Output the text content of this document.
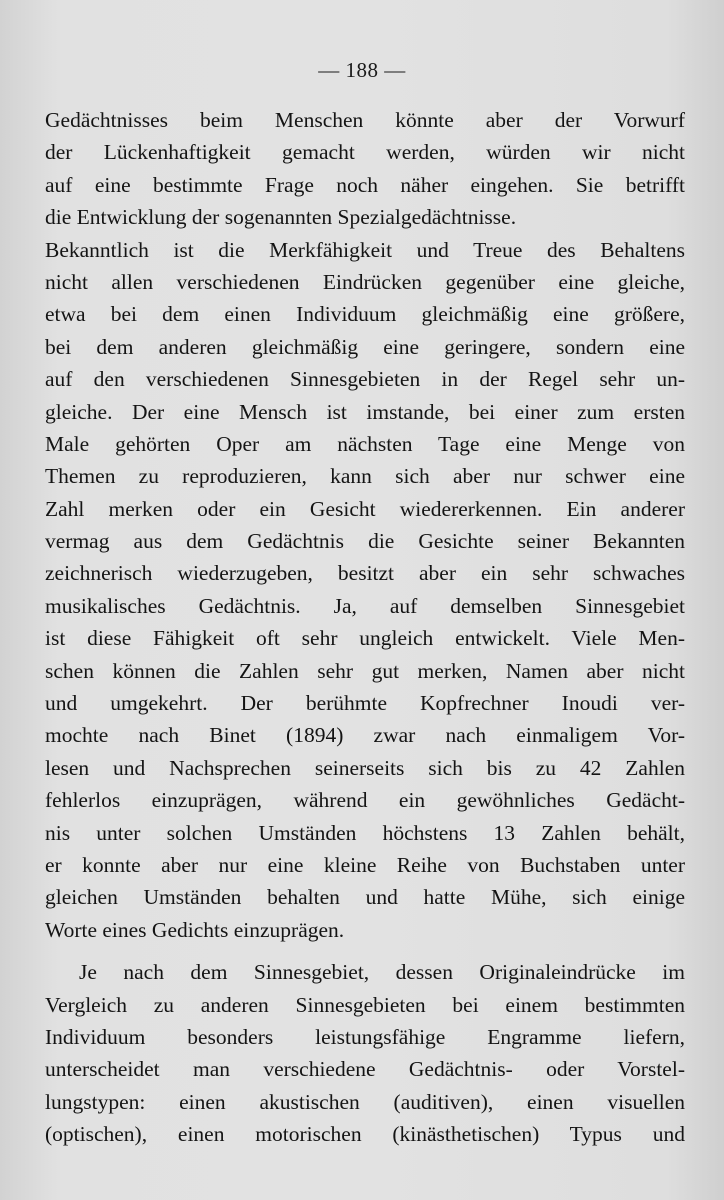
— 188 —
Gedächtnisses beim Menschen könnte aber der Vorwurf
der Lückenhaftigkeit gemacht werden, würden wir nicht
auf eine bestimmte Frage noch näher eingehen. Sie betrifft
die Entwicklung der sogenannten Spezialgedächtnisse.
Bekanntlich ist die Merkfähigkeit und Treue des Behaltens
nicht allen verschiedenen Eindrücken gegenüber eine gleiche,
etwa bei dem einen Individuum gleichmäßig eine größere,
bei dem anderen gleichmäßig eine geringere, sondern eine
auf den verschiedenen Sinnesgebieten in der Regel sehr un-
gleiche. Der eine Mensch ist imstande, bei einer zum ersten
Male gehörten Oper am nächsten Tage eine Menge von
Themen zu reproduzieren, kann sich aber nur schwer eine
Zahl merken oder ein Gesicht wiedererkennen. Ein anderer
vermag aus dem Gedächtnis die Gesichte seiner Bekannten
zeichnerisch wiederzugeben, besitzt aber ein sehr schwaches
musikalisches Gedächtnis. Ja, auf demselben Sinnesgebiet
ist diese Fähigkeit oft sehr ungleich entwickelt. Viele Men-
schen können die Zahlen sehr gut merken, Namen aber nicht
und umgekehrt. Der berühmte Kopfrechner Inoudi ver-
mochte nach Binet (1894) zwar nach einmaligem Vor-
lesen und Nachsprechen seinerseits sich bis zu 42 Zahlen
fehlerlos einzuprägen, während ein gewöhnliches Gedächt-
nis unter solchen Umständen höchstens 13 Zahlen behält,
er konnte aber nur eine kleine Reihe von Buchstaben unter
gleichen Umständen behalten und hatte Mühe, sich einige
Worte eines Gedichts einzuprägen.
Je nach dem Sinnesgebiet, dessen Originaleindrücke im
Vergleich zu anderen Sinnesgebieten bei einem bestimmten
Individuum besonders leistungsfähige Engramme liefern,
unterscheidet man verschiedene Gedächtnis- oder Vorstel-
lungstypen: einen akustischen (auditiven), einen visuellen
(optischen), einen motorischen (kinästhetischen) Typus und
